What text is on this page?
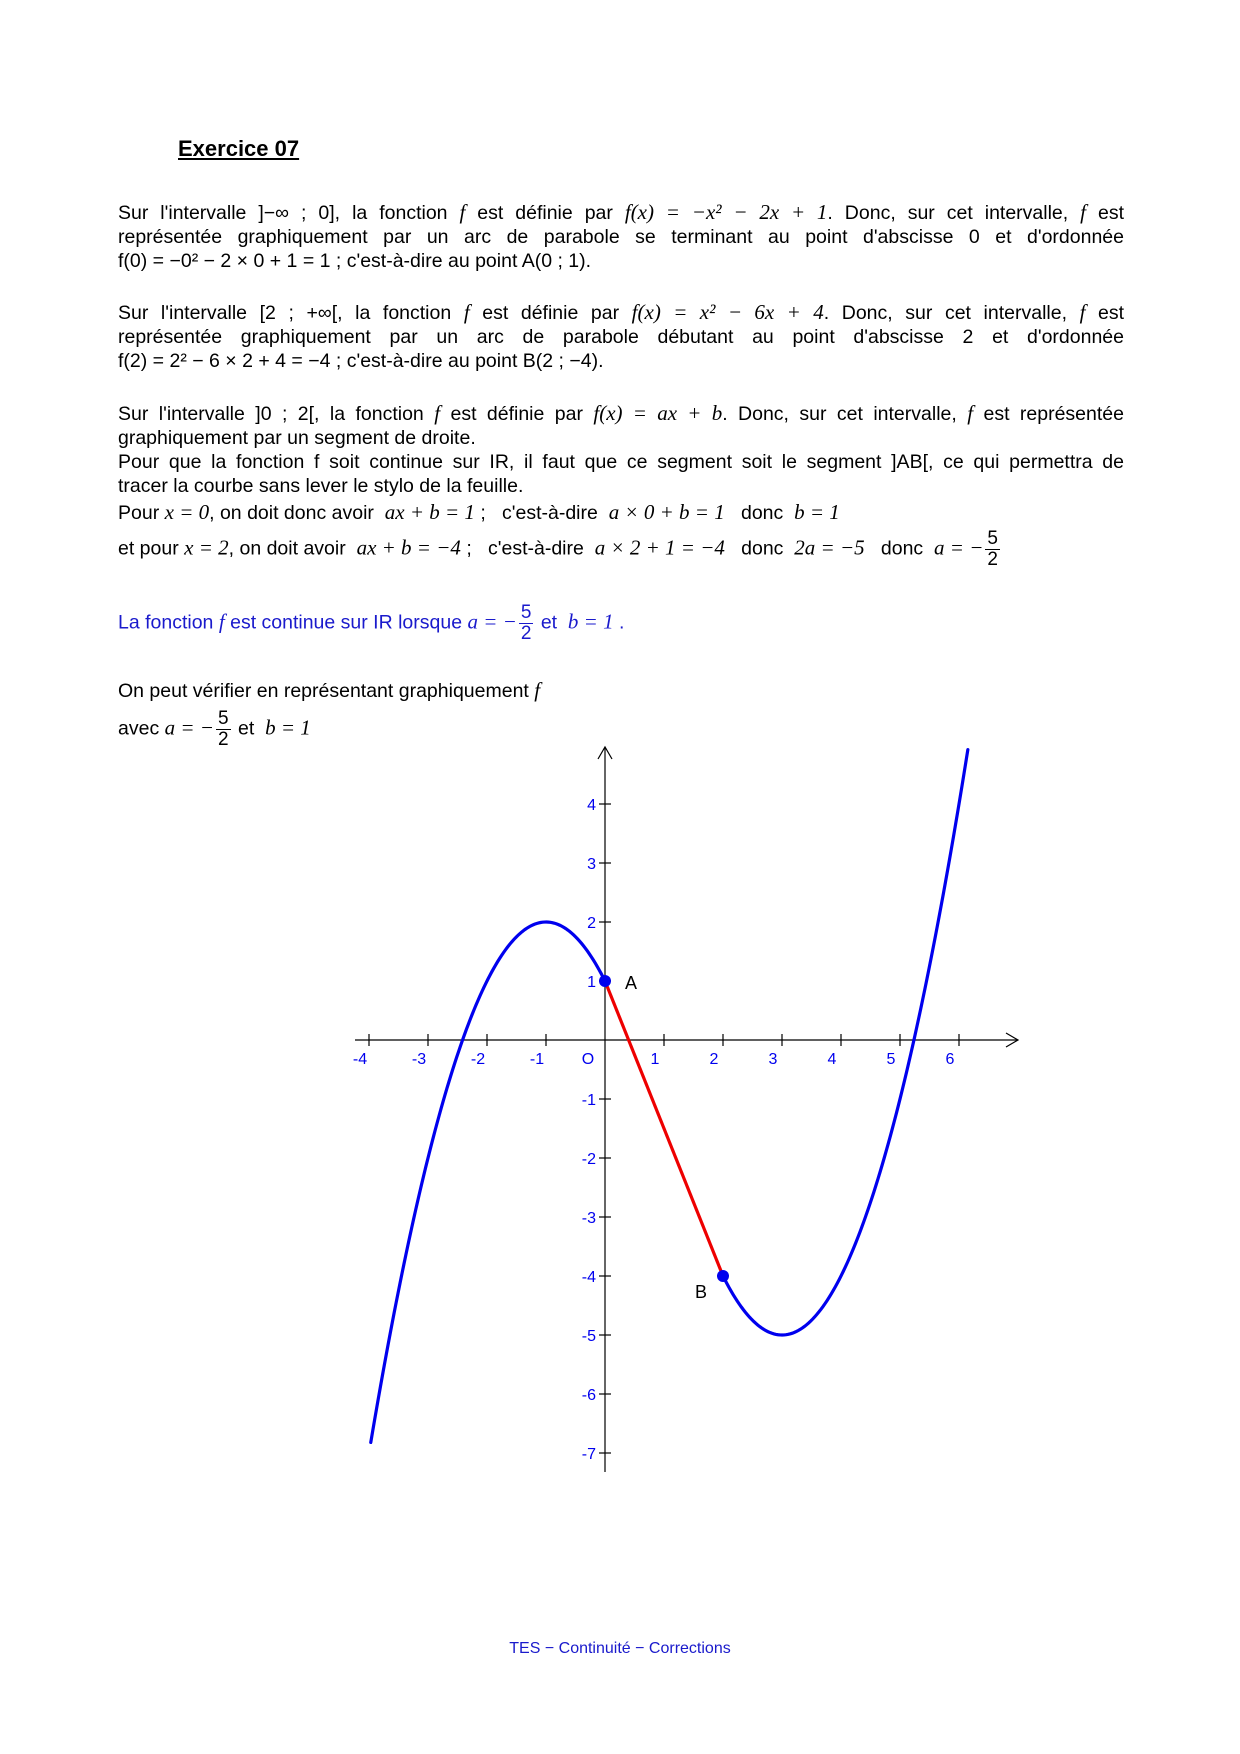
Exercice 07
Sur l'intervalle ]−∞ ; 0], la fonction f est définie par f(x) = −x² − 2x + 1. Donc, sur cet intervalle, f est
représentée graphiquement par un arc de parabole se terminant au point d'abscisse 0 et d'ordonnée
f(0) = −0² − 2 × 0 + 1 = 1 ; c'est-à-dire au point A(0 ; 1).
Sur l'intervalle [2 ; +∞[, la fonction f est définie par f(x) = x² − 6x + 4. Donc, sur cet intervalle, f est
représentée graphiquement par un arc de parabole débutant au point d'abscisse 2 et d'ordonnée
f(2) = 2² − 6 × 2 + 4 = −4 ; c'est-à-dire au point B(2 ; −4).
Sur l'intervalle ]0 ; 2[, la fonction f est définie par f(x) = ax + b. Donc, sur cet intervalle, f est représentée
graphiquement par un segment de droite.
Pour que la fonction f soit continue sur IR, il faut que ce segment soit le segment ]AB[, ce qui permettra de
tracer la courbe sans lever le stylo de la feuille.
Pour x = 0, on doit donc avoir ax + b = 1 ;   c'est-à-dire a × 0 + b = 1 donc b = 1
et pour x = 2, on doit avoir ax + b = −4 ;   c'est-à-dire a × 2 + 1 = −4 donc 2a = −5 donc a = − $\frac{5}{2}$
La fonction f est continue sur IR lorsque a = − $\frac{5}{2}$ et b = 1 .
On peut vérifier en représentant graphiquement f
avec a = − $\frac{5}{2}$ et b = 1
-4	-3	-2	-1	1	2	3	4	5	6
4
3
2
1
-1
-2
-3
-4
-5
-6
-7
O
A
B
TES − Continuité − Corrections
